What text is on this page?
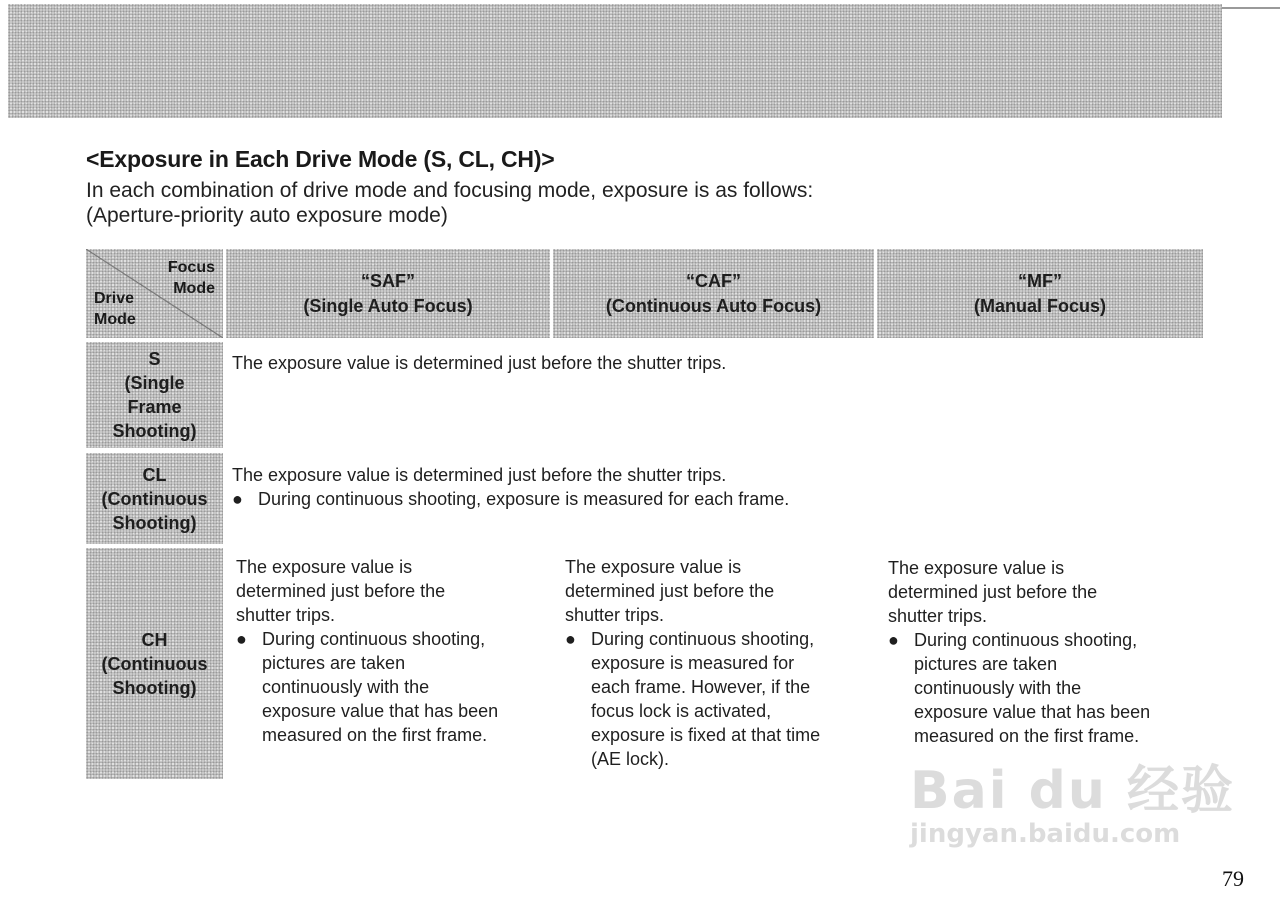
<Exposure in Each Drive Mode (S, CL, CH)>

In each combination of drive mode and focusing mode, exposure is as follows:

(Aperture-priority auto exposure mode)

Focus
Mode
Drive
Mode
“SAF”
(Single Auto Focus)
“CAF”
(Continuous Auto Focus)
“MF”
(Manual Focus)
S
(Single
Frame
Shooting)
The exposure value is determined just before the shutter trips.
CL
(Continuous
Shooting)
The exposure value is determined just before the shutter trips.
● During continuous shooting, exposure is measured for each frame.
CH
(Continuous
Shooting)
The exposure value is
determined just before the
shutter trips.
● During continuous shooting,
pictures are taken
continuously with the
exposure value that has been
measured on the first frame.
The exposure value is
determined just before the
shutter trips.
● During continuous shooting,
exposure is measured for
each frame. However, if the
focus lock is activated,
exposure is fixed at that time
(AE lock).
The exposure value is
determined just before the
shutter trips.
● During continuous shooting,
pictures are taken
continuously with the
exposure value that has been
measured on the first frame.
Bai du 经验
jingyan.baidu.com
79
